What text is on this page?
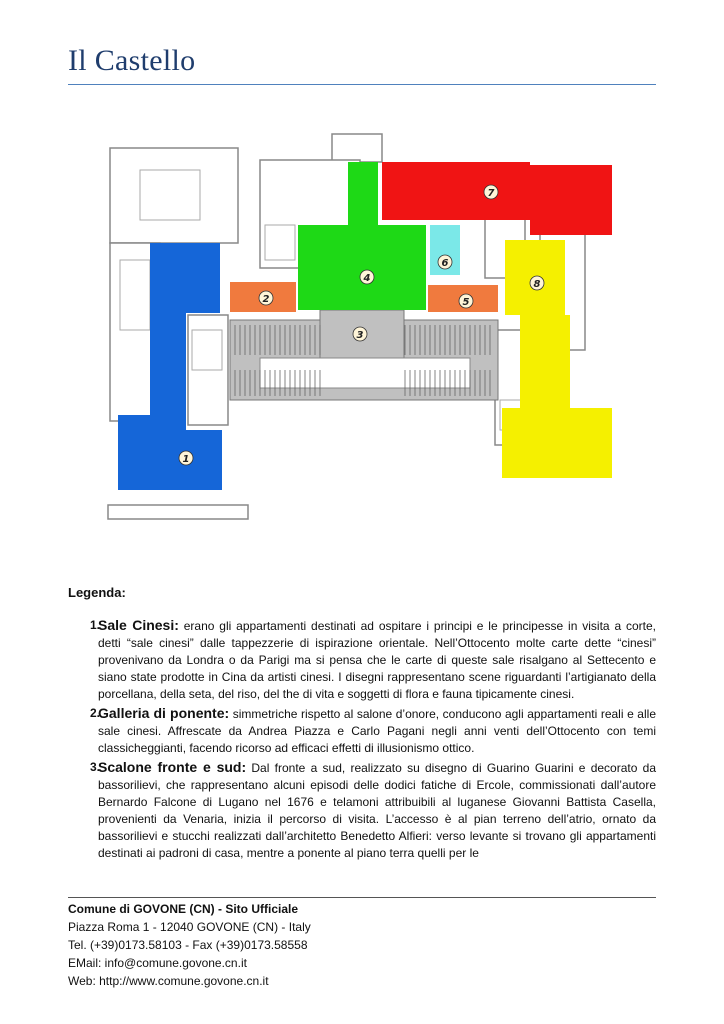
Il Castello
1
2
3
4
5
6
7
8
Legenda:
1.
Sale Cinesi: erano gli appartamenti destinati ad ospitare i principi e le principesse in visita a corte, detti “sale cinesi” dalle tappezzerie di ispirazione orientale. Nell’Ottocento molte carte dette “cinesi” provenivano da Londra o da Parigi ma si pensa che le carte di queste sale risalgano al Settecento e siano state prodotte in Cina da artisti cinesi. I disegni rappresentano scene riguardanti l’artigianato della porcellana, della seta, del riso, del the di vita e soggetti di flora e fauna tipicamente cinesi.
2.
Galleria di ponente: simmetriche rispetto al salone d’onore, conducono agli appartamenti reali e alle sale cinesi. Affrescate da Andrea Piazza e Carlo Pagani negli anni venti dell’Ottocento con temi classicheggianti, facendo ricorso ad efficaci effetti di illusionismo ottico.
3.
Scalone fronte e sud: Dal fronte a sud, realizzato su disegno di Guarino Guarini e decorato da bassorilievi, che rappresentano alcuni episodi delle dodici fatiche di Ercole, commissionati dall’autore Bernardo Falcone di Lugano nel 1676 e telamoni attribuibili al luganese Giovanni Battista Casella, provenienti da Venaria, inizia il percorso di visita. L’accesso è al pian terreno dell’atrio, ornato da bassorilievi e stucchi realizzati dall’architetto Benedetto Alfieri: verso levante si trovano gli appartamenti destinati ai padroni di casa, mentre a ponente al piano terra quelli per le
Comune di GOVONE (CN) - Sito Ufficiale
Piazza Roma 1 - 12040 GOVONE (CN) - Italy
Tel. (+39)0173.58103 - Fax (+39)0173.58558
EMail: info@comune.govone.cn.it
Web: http://www.comune.govone.cn.it
